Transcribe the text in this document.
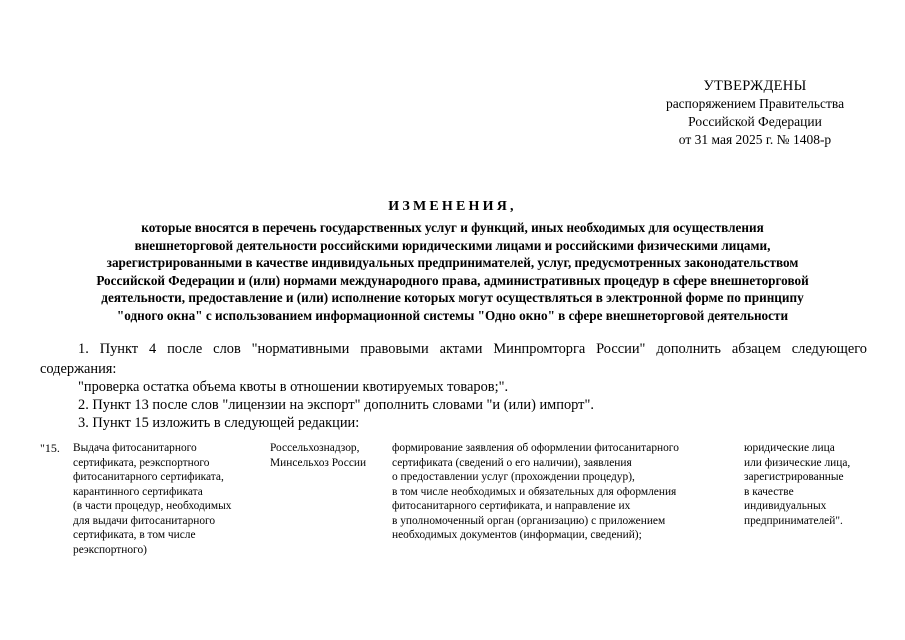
УТВЕРЖДЕНЫ
распоряжением Правительства
Российской Федерации
от 31 мая 2025 г. № 1408-р
ИЗМЕНЕНИЯ,
которые вносятся в перечень государственных услуг и функций, иных необходимых для осуществления
внешнеторговой деятельности российскими юридическими лицами и российскими физическими лицами,
зарегистрированными в качестве индивидуальных предпринимателей, услуг, предусмотренных законодательством
Российской Федерации и (или) нормами международного права, административных процедур в сфере внешнеторговой
деятельности, предоставление и (или) исполнение которых могут осуществляться в электронной форме по принципу
"одного окна" с использованием информационной системы "Одно окно" в сфере внешнеторговой деятельности
1. Пункт 4 после слов "нормативными правовыми актами Минпромторга России" дополнить абзацем следующего
содержания:
"проверка остатка объема квоты в отношении квотируемых товаров;".
2. Пункт 13 после слов "лицензии на экспорт" дополнить словами "и (или) импорт".
3. Пункт 15 изложить в следующей редакции:
"15. Выдача фитосанитарного
сертификата, реэкспортного
фитосанитарного сертификата,
карантинного сертификата
(в части процедур, необходимых
для выдачи фитосанитарного
сертификата, в том числе
реэкспортного)
Россельхознадзор,
Минсельхоз России
формирование заявления об оформлении фитосанитарного
сертификата (сведений о его наличии), заявления
о предоставлении услуг (прохождении процедур),
в том числе необходимых и обязательных для оформления
фитосанитарного сертификата, и направление их
в уполномоченный орган (организацию) с приложением
необходимых документов (информации, сведений);
юридические лица
или физические лица,
зарегистрированные
в качестве
индивидуальных
предпринимателей".
